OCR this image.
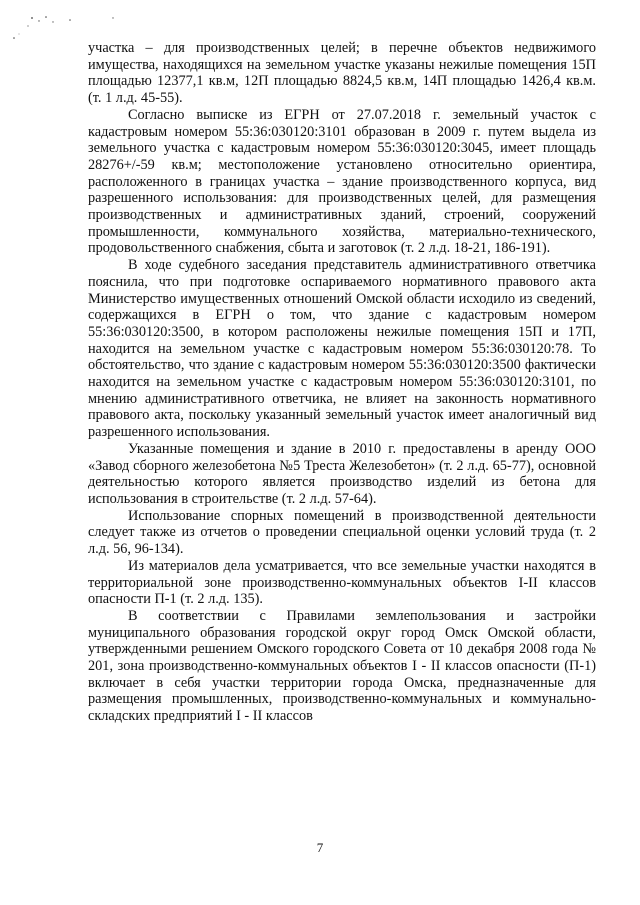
участка – для производственных целей; в перечне объектов недвижимого имущества, находящихся на земельном участке указаны нежилые помещения 15П площадью 12377,1 кв.м, 12П площадью 8824,5 кв.м, 14П площадью 1426,4 кв.м. (т. 1 л.д. 45-55).

Согласно выписке из ЕГРН от 27.07.2018 г. земельный участок с кадастровым номером 55:36:030120:3101 образован в 2009 г. путем выдела из земельного участка с кадастровым номером 55:36:030120:3045, имеет площадь 28276+/-59 кв.м; местоположение установлено относительно ориентира, расположенного в границах участка – здание производственного корпуса, вид разрешенного использования: для производственных целей, для размещения производственных и административных зданий, строений, сооружений промышленности, коммунального хозяйства, материально-технического, продовольственного снабжения, сбыта и заготовок (т. 2 л.д. 18-21, 186-191).

В ходе судебного заседания представитель административного ответчика пояснила, что при подготовке оспариваемого нормативного правового акта Министерство имущественных отношений Омской области исходило из сведений, содержащихся в ЕГРН о том, что здание с кадастровым номером 55:36:030120:3500, в котором расположены нежилые помещения 15П и 17П, находится на земельном участке с кадастровым номером 55:36:030120:78. То обстоятельство, что здание с кадастровым номером 55:36:030120:3500 фактически находится на земельном участке с кадастровым номером 55:36:030120:3101, по мнению административного ответчика, не влияет на законность нормативного правового акта, поскольку указанный земельный участок имеет аналогичный вид разрешенного использования.

Указанные помещения и здание в 2010 г. предоставлены в аренду ООО «Завод сборного железобетона №5 Треста Железобетон» (т. 2 л.д. 65-77), основной деятельностью которого является производство изделий из бетона для использования в строительстве (т. 2 л.д. 57-64).

Использование спорных помещений в производственной деятельности следует также из отчетов о проведении специальной оценки условий труда (т. 2 л.д. 56, 96-134).

Из материалов дела усматривается, что все земельные участки находятся в территориальной зоне производственно-коммунальных объектов I-II классов опасности П-1 (т. 2 л.д. 135).

В соответствии с Правилами землепользования и застройки муниципального образования городской округ город Омск Омской области, утвержденными решением Омского городского Совета от 10 декабря 2008 года № 201, зона производственно-коммунальных объектов I - II классов опасности (П-1) включает в себя участки территории города Омска, предназначенные для размещения промышленных, производственно-коммунальных и коммунально-складских предприятий I - II классов

7
